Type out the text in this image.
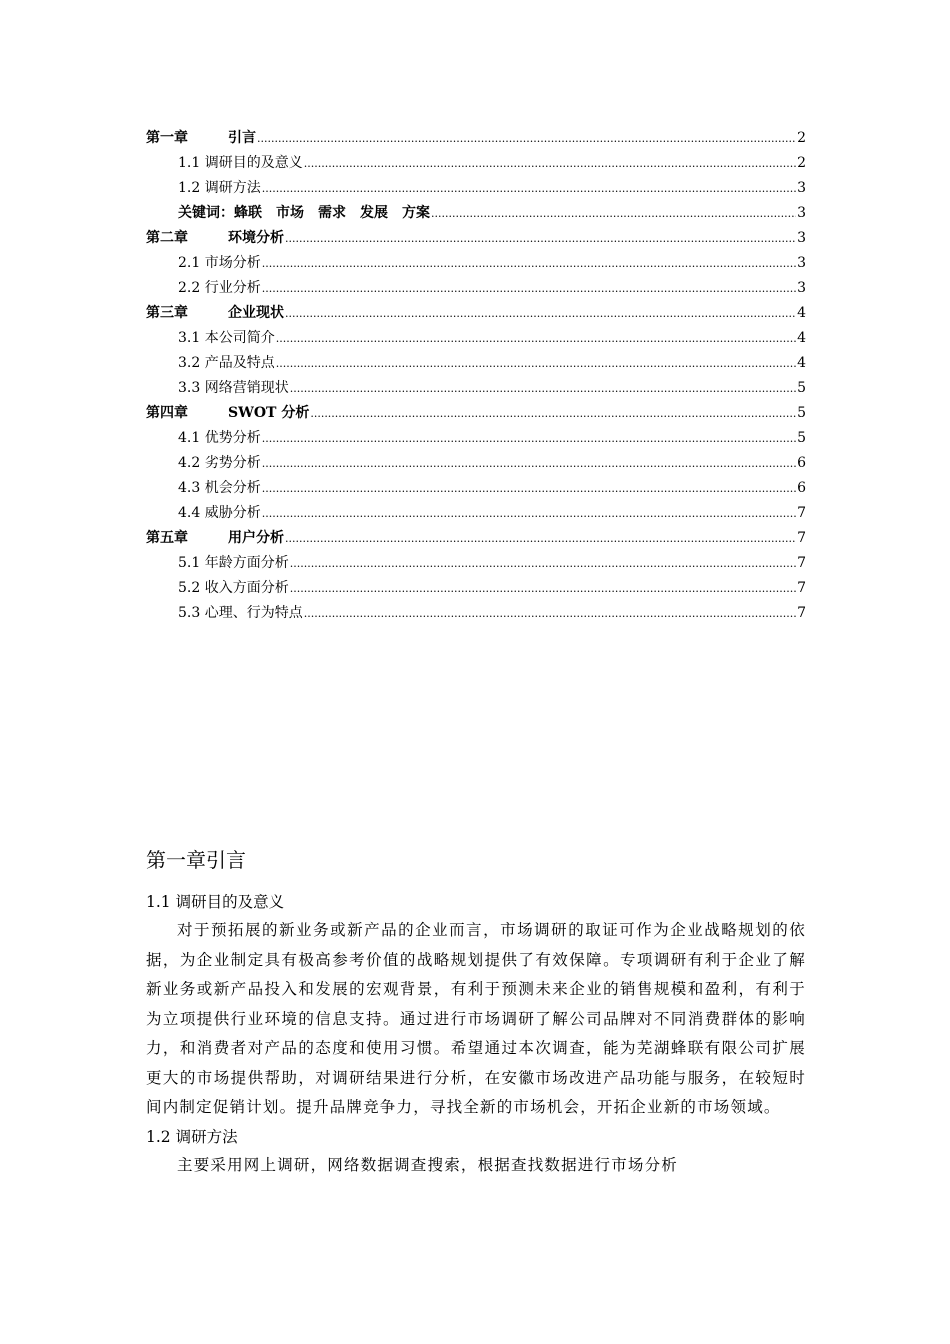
第一章	引言 .....	2
1.1 调研目的及意义 .....	2
1.2 调研方法 .....	3
关键词：蜂联　市场　需求　发展　方案 .....	3
第二章	环境分析 .....	3
2.1 市场分析 .....	3
2.2 行业分析 .....	3
第三章	企业现状 .....	4
3.1 本公司简介 .....	4
3.2 产品及特点 .....	4
3.3 网络营销现状 .....	5
第四章	SWOT 分析 .....	5
4.1 优势分析 .....	5
4.2 劣势分析 .....	6
4.3 机会分析 .....	6
4.4 威胁分析 .....	7
第五章	用户分析 .....	7
5.1 年龄方面分析 .....	7
5.2 收入方面分析 .....	7
5.3 心理、行为特点 .....	7
第一章引言
1.1 调研目的及意义

对于预拓展的新业务或新产品的企业而言，市场调研的取证可作为企业战略规划的依据，为企业制定具有极高参考价值的战略规划提供了有效保障。专项调研有利于企业了解新业务或新产品投入和发展的宏观背景，有利于预测未来企业的销售规模和盈利，有利于为立项提供行业环境的信息支持。通过进行市场调研了解公司品牌对不同消费群体的影响力，和消费者对产品的态度和使用习惯。希望通过本次调查，能为芜湖蜂联有限公司扩展更大的市场提供帮助，对调研结果进行分析，在安徽市场改进产品功能与服务，在较短时间内制定促销计划。提升品牌竞争力，寻找全新的市场机会，开拓企业新的市场领域。

1.2 调研方法

主要采用网上调研，网络数据调查搜索，根据查找数据进行市场分析
